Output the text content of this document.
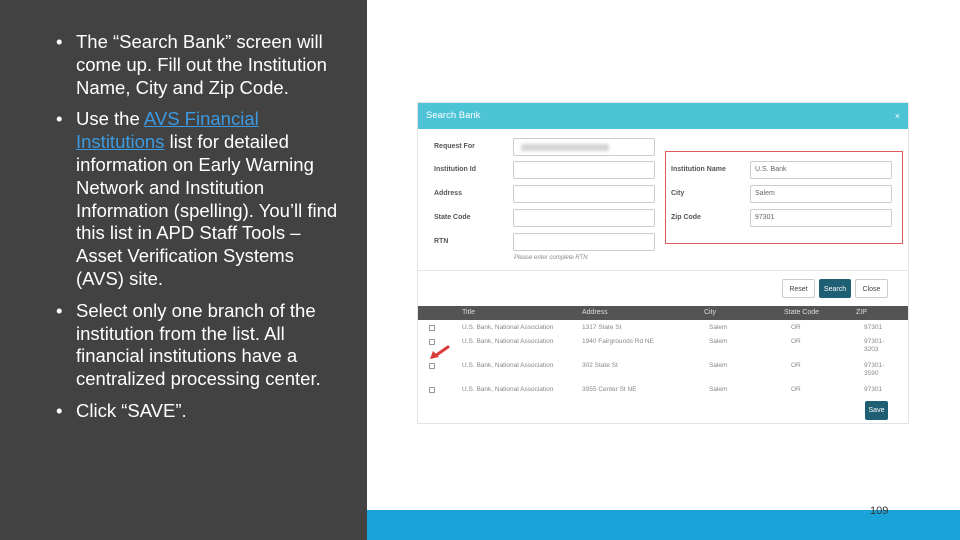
• The “Search Bank” screen will come up. Fill out the Institution Name, City and Zip Code.
• Use the AVS Financial Institutions list for detailed information on Early Warning Network and Institution Information (spelling). You’ll find this list in APD Staff Tools – Asset Verification Systems (AVS) site.
• Select only one branch of the institution from the list. All financial institutions have a centralized processing center.
• Click “SAVE”.
Search Bank	×
Request For
Institution Id
Address
State Code
RTN
Please enter complete RTN
Institution Name	U.S. Bank
City	Salem
Zip Code	97301
Reset	Search	Close
Title	Address	City	State Code	ZIP
U.S. Bank, National Association	1317 State St	Salem	OR	97301
U.S. Bank, National Association	1940 Fairgrounds Rd NE	Salem	OR	97301-3203
U.S. Bank, National Association	302 State St	Salem	OR	97301-3590
U.S. Bank, National Association	3955 Center St NE	Salem	OR	97301
Save
109
